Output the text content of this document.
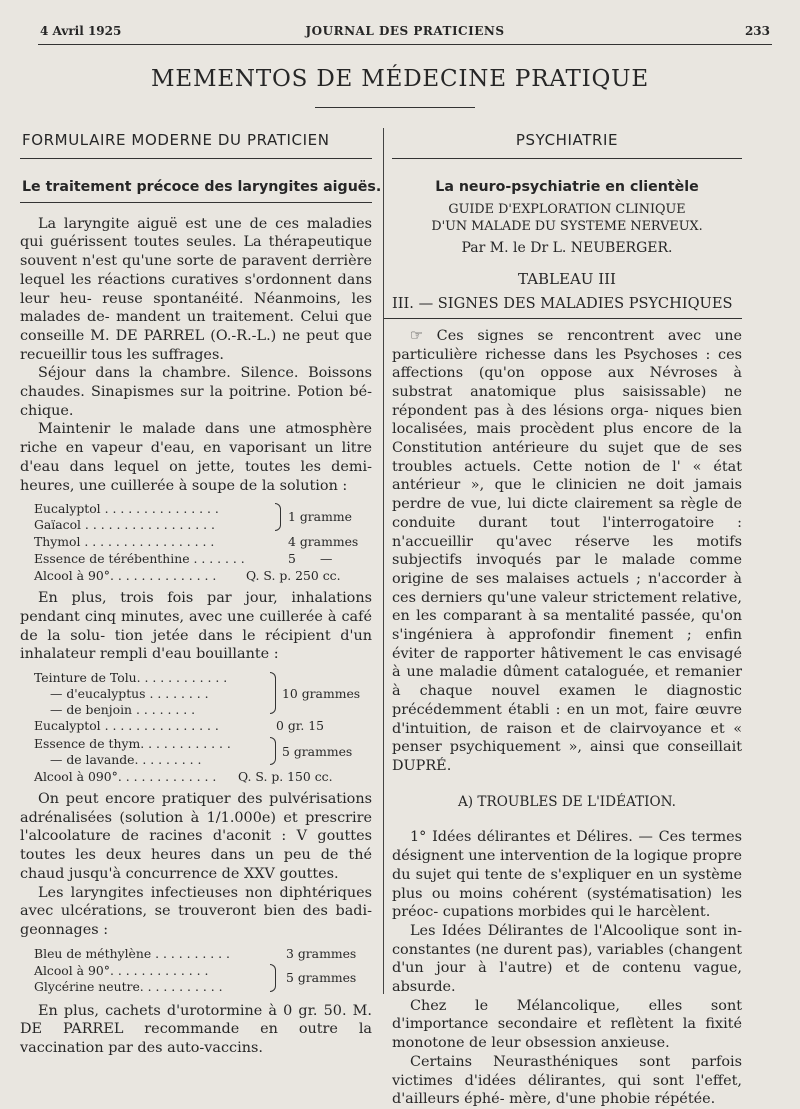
JOURNAL DES PRATICIENS
4 Avril 1925	233
MEMENTOS DE MÉDECINE PRATIQUE
FORMULAIRE MODERNE DU PRATICIEN
Le traitement précoce des laryngites aiguës.

La laryngite aiguë est une de ces maladies qui guérissent toutes seules. La thérapeutique souvent n'est qu'une sorte de paravent derrière lequel les réactions curatives s'ordonnent dans leur heu- reuse spontanéité. Néanmoins, les malades de- mandent un traitement. Celui que conseille M. DE PARREL (O.-R.-L.) ne peut que recueillir tous les suffrages.

Séjour dans la chambre. Silence. Boissons chaudes. Sinapismes sur la poitrine. Potion bé- chique.

Maintenir le malade dans une atmosphère riche en vapeur d'eau, en vaporisant un litre d'eau dans lequel on jette, toutes les demi-heures, une cuillerée à soupe de la solution :

Eucalyptol . . . . . . . . . . . . . . .
Gaïacol . . . . . . . . . . . . . . . . .
Thymol . . . . . . . . . . . . . . . . .
Essence de térébenthine . . . . . . .
Alcool à 90°. . . . . . . . . . . . . .
1 gramme
4 grammes
5 —
Q. S. p. 250 cc.

En plus, trois fois par jour, inhalations pendant cinq minutes, avec une cuillerée à café de la solu- tion jetée dans le récipient d'un inhalateur rempli d'eau bouillante :

Teinture de Tolu. . . . . . . . . . . .
— d'eucalyptus . . . . . . . .
— de benjoin . . . . . . . .
Eucalyptol . . . . . . . . . . . . . . .
Essence de thym. . . . . . . . . . . .
— de lavande. . . . . . . . .
Alcool à 090°. . . . . . . . . . . . .
10 grammes
0 gr. 15
5 grammes
Q. S. p. 150 cc.

On peut encore pratiquer des pulvérisations adrénalisées (solution à 1/1.000e) et prescrire l'alcoolature de racines d'aconit : V gouttes toutes les deux heures dans un peu de thé chaud jusqu'à concurrence de XXV gouttes.

Les laryngites infectieuses non diphtériques avec ulcérations, se trouveront bien des badi- geonnages :

Bleu de méthylène . . . . . . . . . .
Alcool à 90°. . . . . . . . . . . . .
Glycérine neutre. . . . . . . . . . .
3 grammes
5 grammes

En plus, cachets d'urotormine à 0 gr. 50. M. DE PARREL recommande en outre la vaccination par des auto-vaccins.

PSYCHIATRIE
La neuro-psychiatrie en clientèle
GUIDE D'EXPLORATION CLINIQUE
D'UN MALADE DU SYSTEME NERVEUX.
Par M. le Dr L. NEUBERGER.
TABLEAU III
III. — SIGNES DES MALADIES PSYCHIQUES

☞ Ces signes se rencontrent avec une particulière richesse dans les Psychoses : ces affections (qu'on oppose aux Névroses à substrat anatomique plus saisissable) ne répondent pas à des lésions orga- niques bien localisées, mais procèdent plus encore de la Constitution antérieure du sujet que de ses troubles actuels. Cette notion de l' « état antérieur », que le clinicien ne doit jamais perdre de vue, lui dicte clairement sa règle de conduite durant tout l'interrogatoire : n'accueillir qu'avec réserve les motifs subjectifs invoqués par le malade comme origine de ses malaises actuels ; n'accorder à ces derniers qu'une valeur strictement relative, en les comparant à sa mentalité passée, qu'on s'ingéniera à approfondir finement ; enfin éviter de rapporter hâtivement le cas envisagé à une maladie dûment cataloguée, et remanier à chaque nouvel examen le diagnostic précédemment établi : en un mot, faire œuvre d'intuition, de raison et de clairvoyance et « penser psychiquement », ainsi que conseillait DUPRÉ.

A) TROUBLES DE L'IDÉATION.

1° Idées délirantes et Délires. — Ces termes désignent une intervention de la logique propre du sujet qui tente de s'expliquer en un système plus ou moins cohérent (systématisation) les préoc- cupations morbides qui le harcèlent.

Les Idées Délirantes de l'Alcoolique sont in- constantes (ne durent pas), variables (changent d'un jour à l'autre) et de contenu vague, absurde.

Chez le Mélancolique, elles sont d'importance secondaire et reflètent la fixité monotone de leur obsession anxieuse.

Certains Neurasthéniques sont parfois victimes d'idées délirantes, qui sont l'effet, d'ailleurs éphé- mère, d'une phobie répétée.
